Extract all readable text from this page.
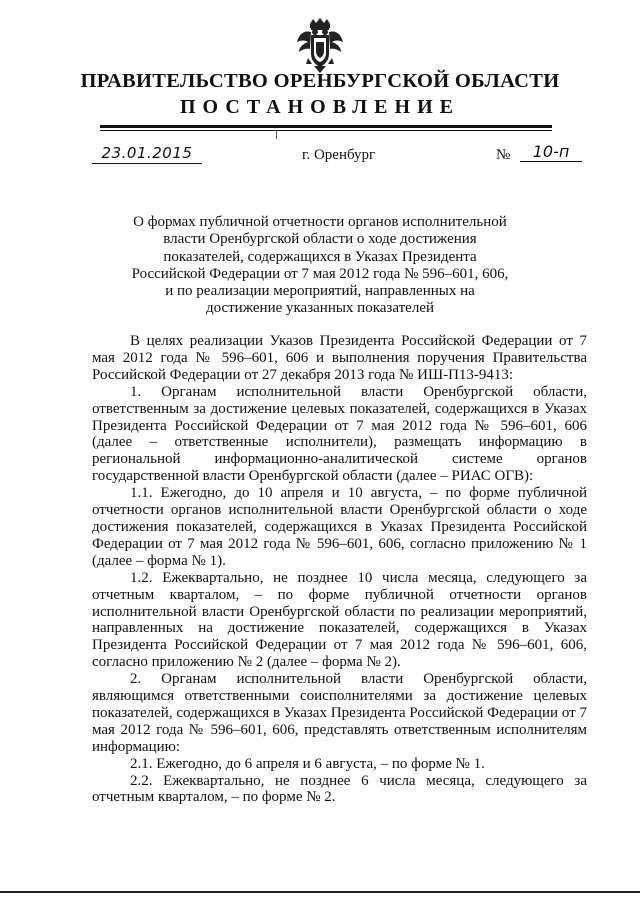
ПРАВИТЕЛЬСТВО ОРЕНБУРГСКОЙ ОБЛАСТИ
ПОСТАНОВЛЕНИЕ
23.01.2015	г. Оренбург	№	10-п
О формах публичной отчетности органов исполнительной власти Оренбургской области о ходе достижения показателей, содержащихся в Указах Президента Российской Федерации от 7 мая 2012 года № 596–601, 606, и по реализации мероприятий, направленных на достижение указанных показателей

В целях реализации Указов Президента Российской Федерации от 7 мая 2012 года № 596–601, 606 и выполнения поручения Правительства Российской Федерации от 27 декабря 2013 года № ИШ-П13-9413:

1. Органам исполнительной власти Оренбургской области, ответственным за достижение целевых показателей, содержащихся в Указах Президента Российской Федерации от 7 мая 2012 года № 596–601, 606 (далее – ответственные исполнители), размещать информацию в региональной информационно-аналитической системе органов государственной власти Оренбургской области (далее – РИАС ОГВ):

1.1. Ежегодно, до 10 апреля и 10 августа, – по форме публичной отчетности органов исполнительной власти Оренбургской области о ходе достижения показателей, содержащихся в Указах Президента Российской Федерации от 7 мая 2012 года № 596–601, 606, согласно приложению № 1 (далее – форма № 1).

1.2. Ежеквартально, не позднее 10 числа месяца, следующего за отчетным кварталом, – по форме публичной отчетности органов исполнительной власти Оренбургской области по реализации мероприятий, направленных на достижение показателей, содержащихся в Указах Президента Российской Федерации от 7 мая 2012 года № 596–601, 606, согласно приложению № 2 (далее – форма № 2).

2. Органам исполнительной власти Оренбургской области, являющимся ответственными соисполнителями за достижение целевых показателей, содержащихся в Указах Президента Российской Федерации от 7 мая 2012 года № 596–601, 606, представлять ответственным исполнителям информацию:

2.1. Ежегодно, до 6 апреля и 6 августа, – по форме № 1.

2.2. Ежеквартально, не позднее 6 числа месяца, следующего за отчетным кварталом, – по форме № 2.
